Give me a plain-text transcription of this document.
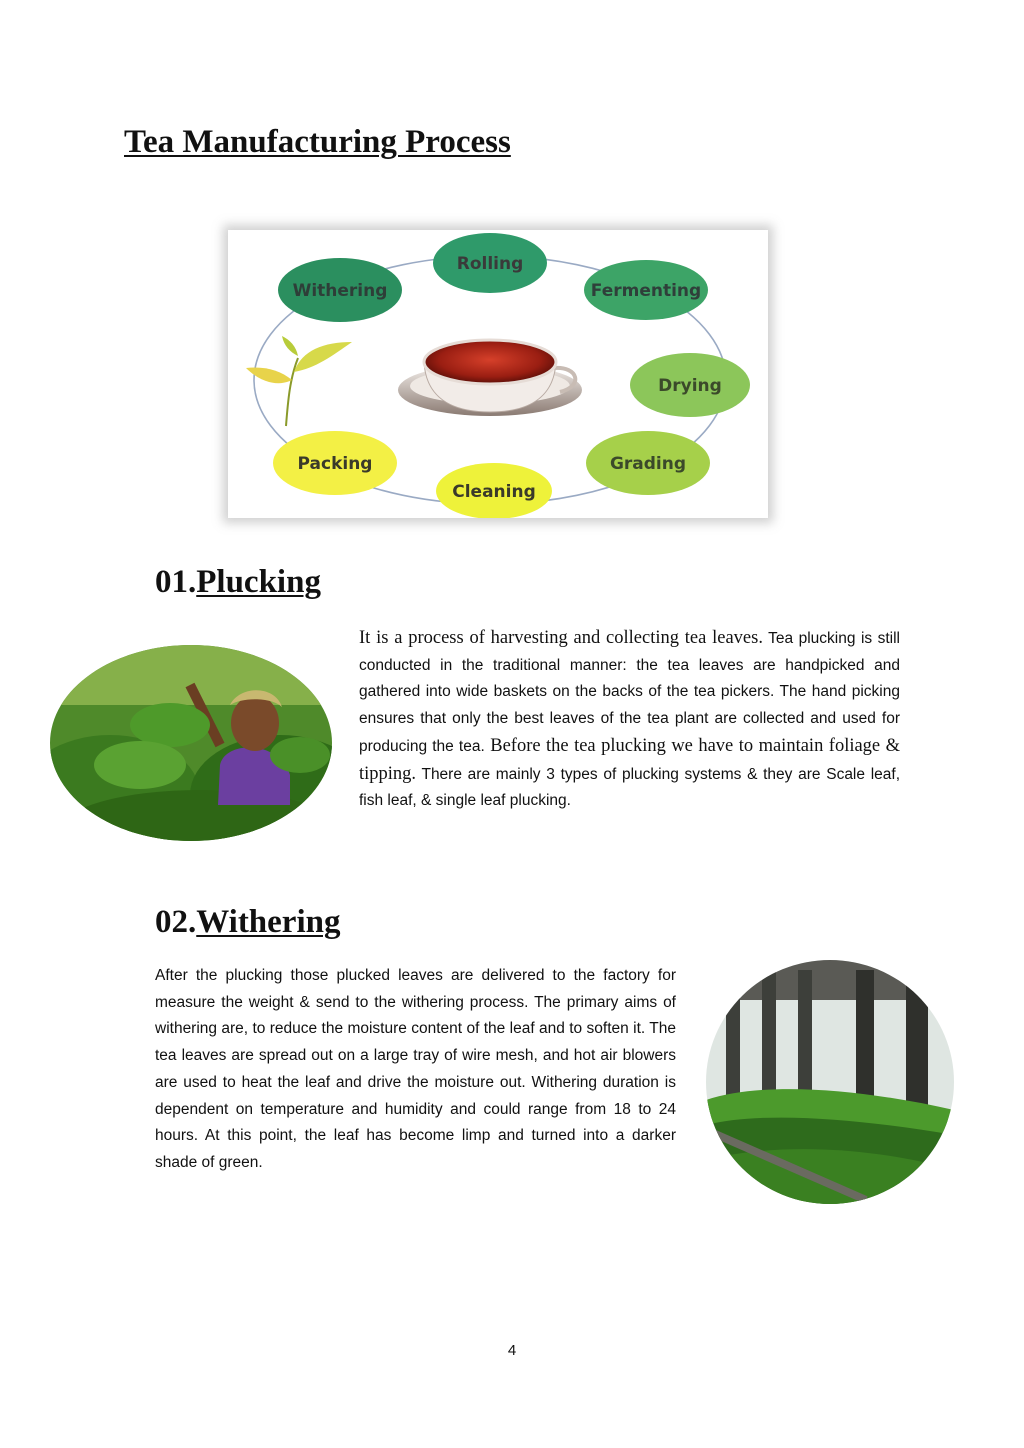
Tea Manufacturing Process
Rolling
Fermenting
Drying
Grading
Cleaning
Packing
Withering
01.Plucking

It is a process of harvesting and collecting tea leaves. Tea plucking is still conducted in the traditional manner: the tea leaves are handpicked and gathered into wide baskets on the backs of the tea pickers. The hand picking ensures that only the best leaves of the tea plant are collected and used for producing the tea. Before the tea plucking we have to maintain foliage & tipping. There are mainly 3 types of plucking systems & they are Scale leaf, fish leaf, & single leaf plucking.

02.Withering

After the plucking those plucked leaves are delivered to the factory for measure the weight & send to the withering process. The primary aims of withering are, to reduce the moisture content of the leaf and to soften it. The tea leaves are spread out on a large tray of wire mesh, and hot air blowers are used to heat the leaf and drive the moisture out. Withering duration is dependent on temperature and humidity and could range from 18 to 24 hours. At this point, the leaf has become limp and turned into a darker shade of green.

4
